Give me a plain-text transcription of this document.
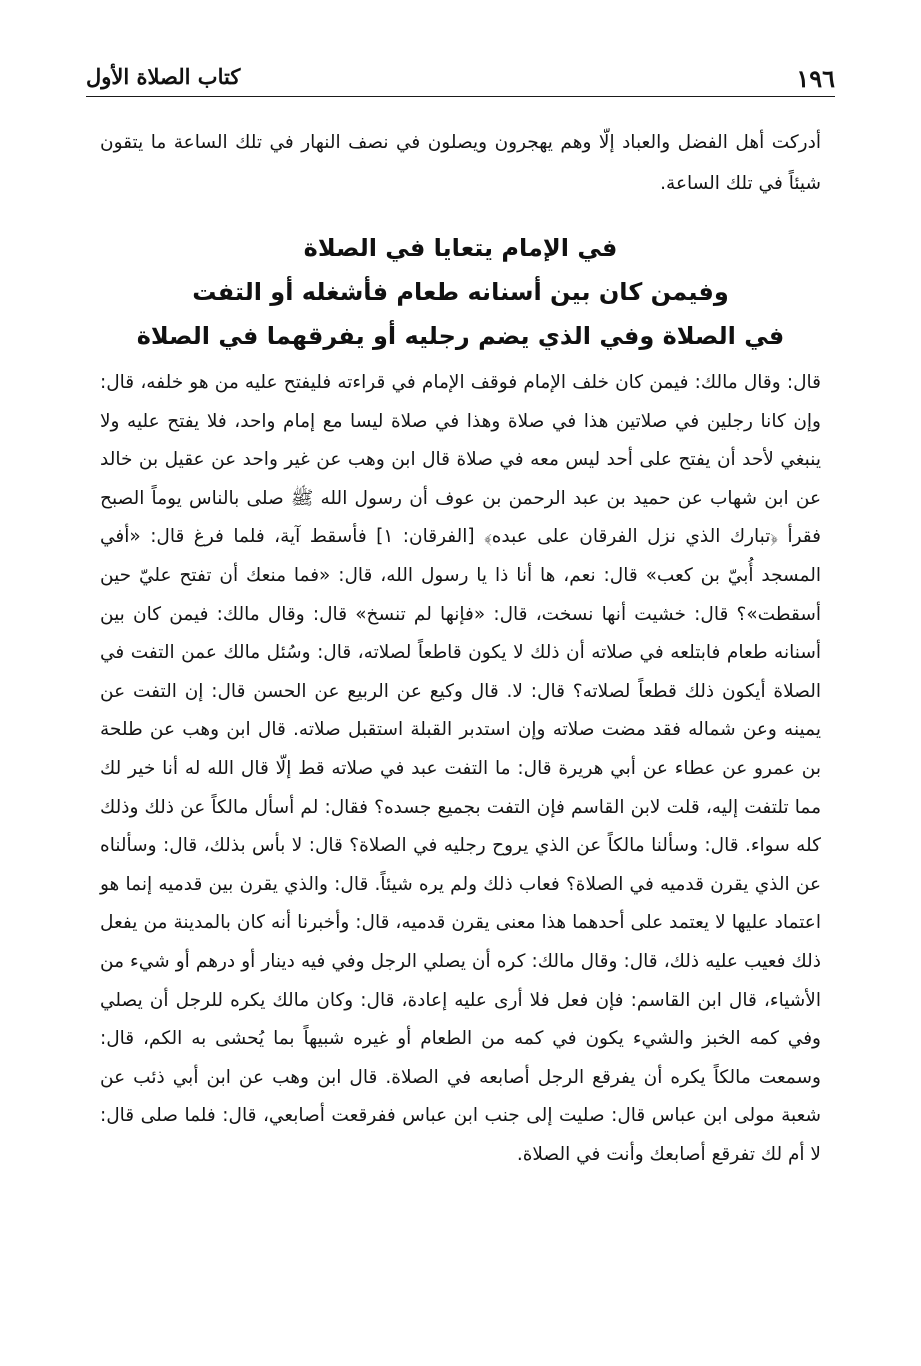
١٩٦
كتاب الصلاة الأول

أدركت أهل الفضل والعباد إلّا وهم يهجرون ويصلون في نصف النهار في تلك الساعة ما يتقون شيئاً في تلك الساعة.

في الإمام يتعايا في الصلاة
وفيمن كان بين أسنانه طعام فأشغله أو التفت
في الصلاة وفي الذي يضم رجليه أو يفرقهما في الصلاة

قال: وقال مالك: فيمن كان خلف الإمام فوقف الإمام في قراءته فليفتح عليه من هو خلفه، قال: وإن كانا رجلين في صلاتين هذا في صلاة وهذا في صلاة ليسا مع إمام واحد، فلا يفتح عليه ولا ينبغي لأحد أن يفتح على أحد ليس معه في صلاة قال ابن وهب عن غير واحد عن عقيل بن خالد عن ابن شهاب عن حميد بن عبد الرحمن بن عوف أن رسول الله ﷺ صلى بالناس يوماً الصبح فقرأ ﴿تبارك الذي نزل الفرقان على عبده﴾ [الفرقان: ١] فأسقط آية، فلما فرغ قال: «أفي المسجد أُبيّ بن كعب» قال: نعم، ها أنا ذا يا رسول الله، قال: «فما منعك أن تفتح عليّ حين أسقطت»؟ قال: خشيت أنها نسخت، قال: «فإنها لم تنسخ» قال: وقال مالك: فيمن كان بين أسنانه طعام فابتلعه في صلاته أن ذلك لا يكون قاطعاً لصلاته، قال: وسُئل مالك عمن التفت في الصلاة أيكون ذلك قطعاً لصلاته؟ قال: لا. قال وكيع عن الربيع عن الحسن قال: إن التفت عن يمينه وعن شماله فقد مضت صلاته وإن استدبر القبلة استقبل صلاته. قال ابن وهب عن طلحة بن عمرو عن عطاء عن أبي هريرة قال: ما التفت عبد في صلاته قط إلّا قال الله له أنا خير لك مما تلتفت إليه، قلت لابن القاسم فإن التفت بجميع جسده؟ فقال: لم أسأل مالكاً عن ذلك وذلك كله سواء. قال: وسألنا مالكاً عن الذي يروح رجليه في الصلاة؟ قال: لا بأس بذلك، قال: وسألناه عن الذي يقرن قدميه في الصلاة؟ فعاب ذلك ولم يره شيئاً. قال: والذي يقرن بين قدميه إنما هو اعتماد عليها لا يعتمد على أحدهما هذا معنى يقرن قدميه، قال: وأخبرنا أنه كان بالمدينة من يفعل ذلك فعيب عليه ذلك، قال: وقال مالك: كره أن يصلي الرجل وفي فيه دينار أو درهم أو شيء من الأشياء، قال ابن القاسم: فإن فعل فلا أرى عليه إعادة، قال: وكان مالك يكره للرجل أن يصلي وفي كمه الخبز والشيء يكون في كمه من الطعام أو غيره شبيهاً بما يُحشى به الكم، قال: وسمعت مالكاً يكره أن يفرقع الرجل أصابعه في الصلاة. قال ابن وهب عن ابن أبي ذئب عن شعبة مولى ابن عباس قال: صليت إلى جنب ابن عباس ففرقعت أصابعي، قال: فلما صلى قال: لا أم لك تفرقع أصابعك وأنت في الصلاة.
